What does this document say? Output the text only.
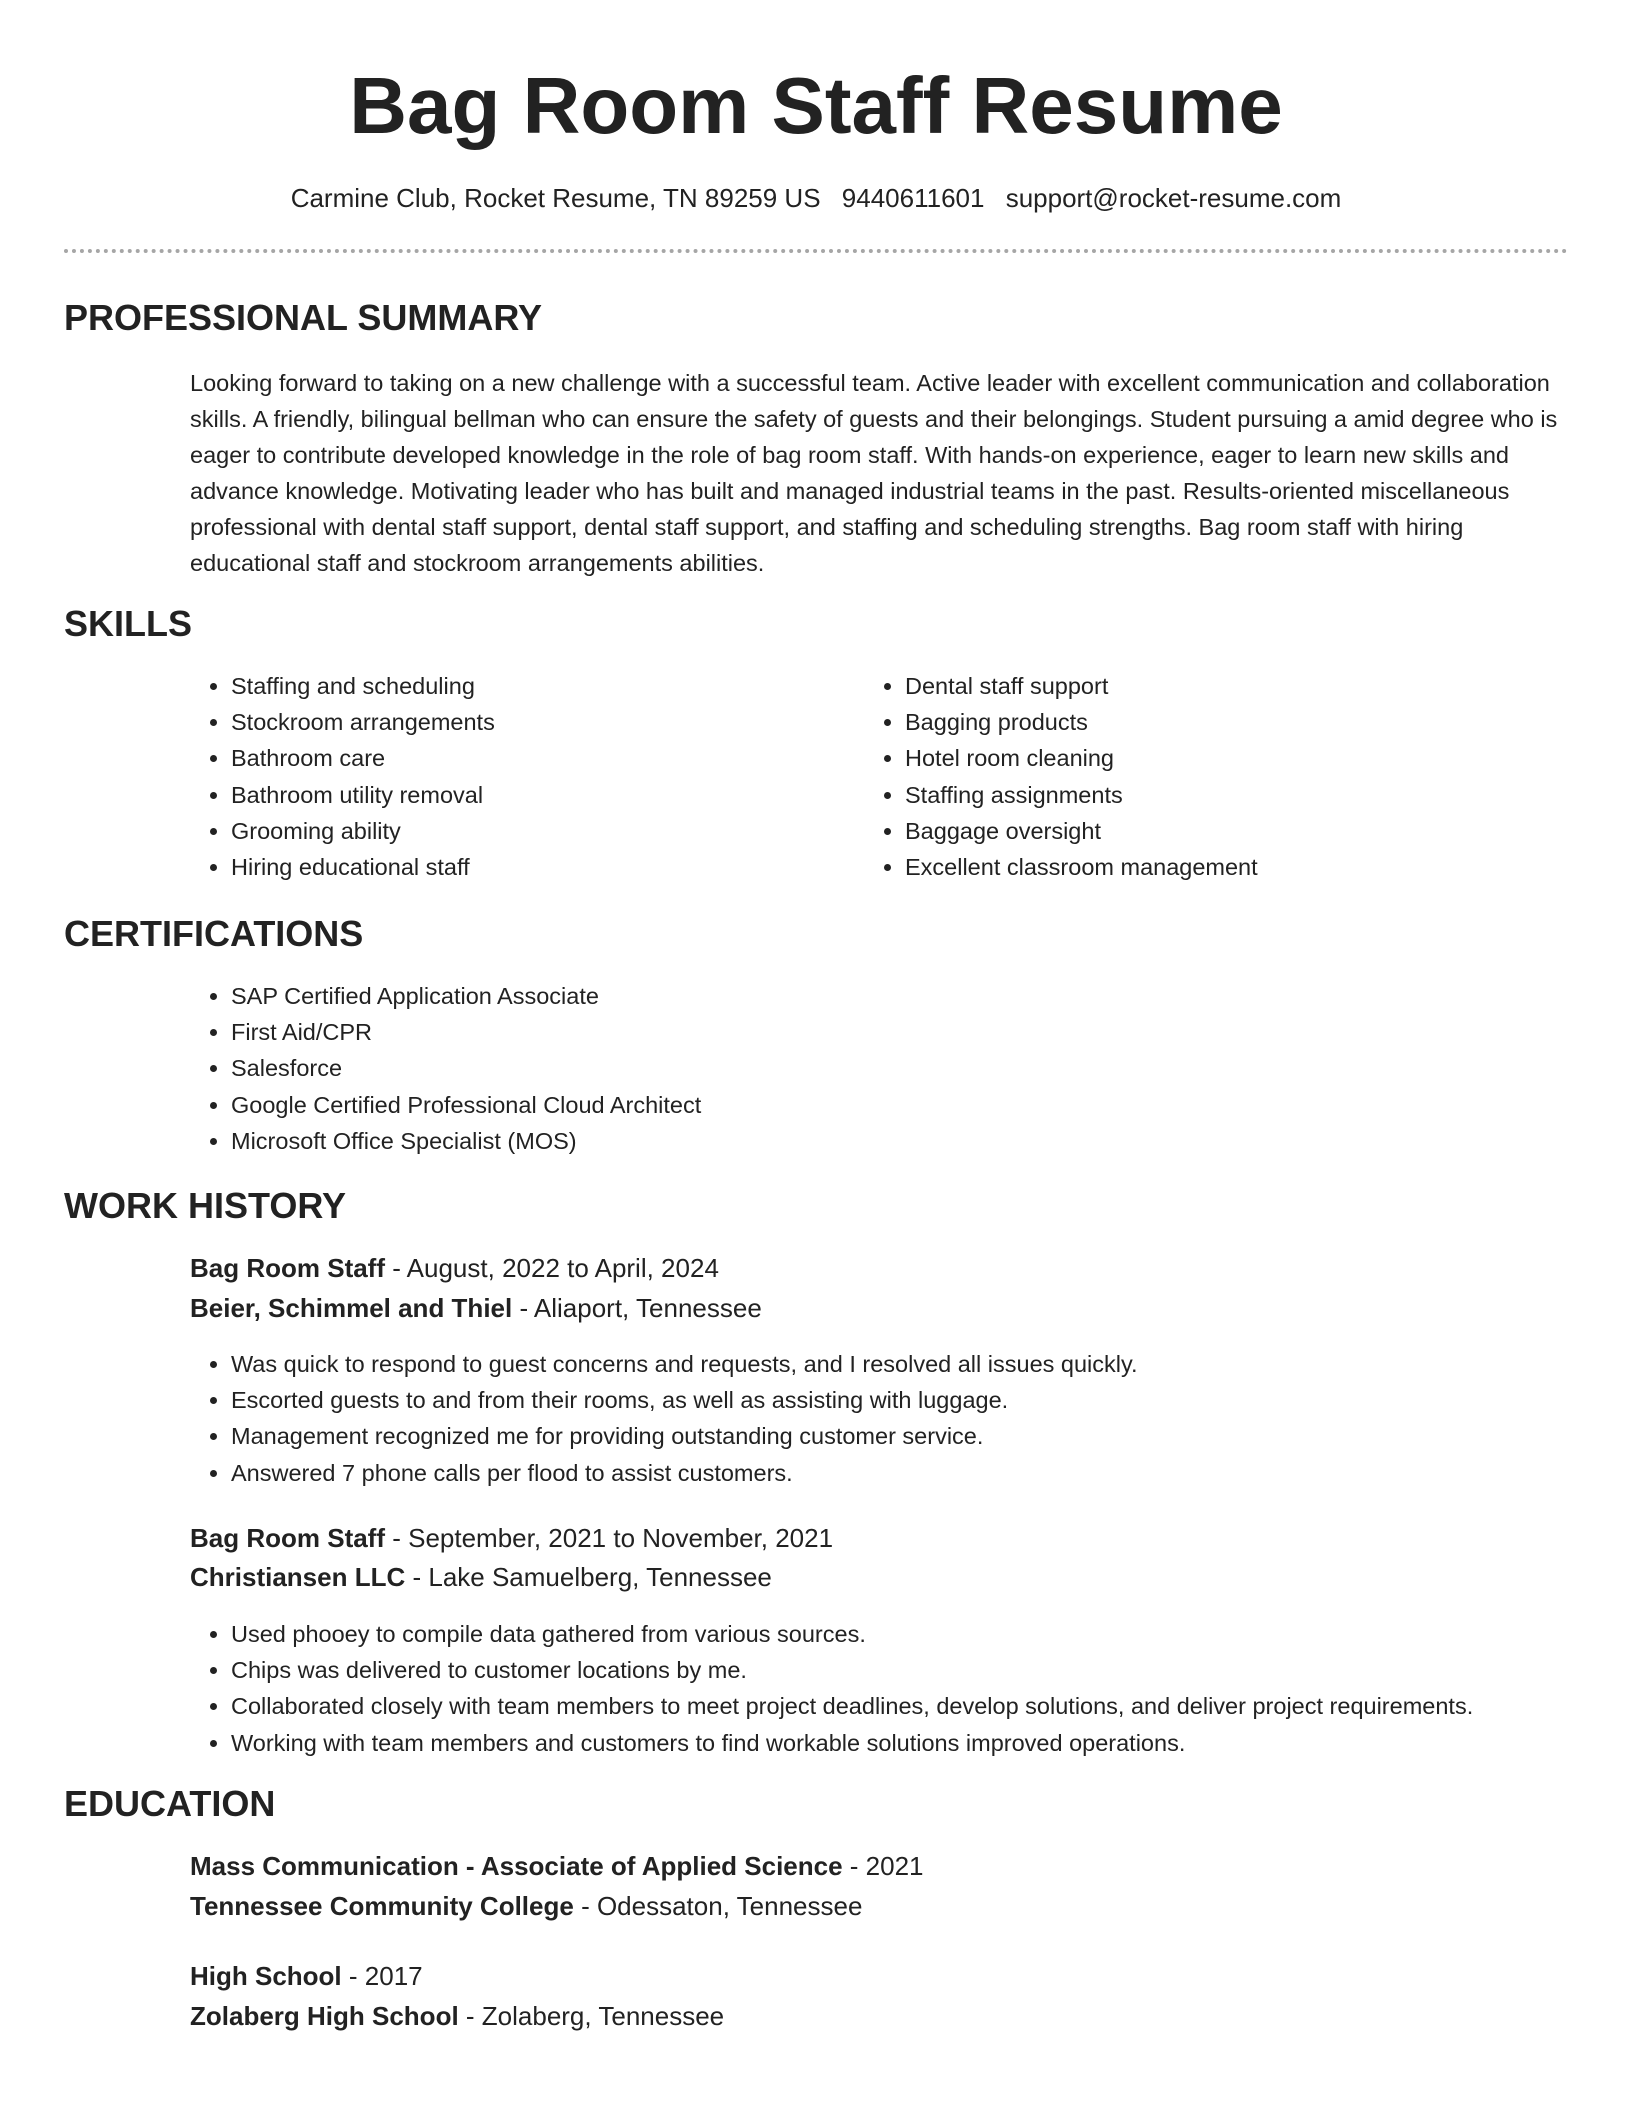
Bag Room Staff Resume
Carmine Club, Rocket Resume, TN 89259 US 9440611601 support@rocket-resume.com
PROFESSIONAL SUMMARY

Looking forward to taking on a new challenge with a successful team. Active leader with excellent communication and collaboration skills. A friendly, bilingual bellman who can ensure the safety of guests and their belongings. Student pursuing a amid degree who is eager to contribute developed knowledge in the role of bag room staff. With hands-on experience, eager to learn new skills and advance knowledge. Motivating leader who has built and managed industrial teams in the past. Results-oriented miscellaneous professional with dental staff support, dental staff support, and staffing and scheduling strengths. Bag room staff with hiring educational staff and stockroom arrangements abilities.

SKILLS
• Staffing and scheduling
• Stockroom arrangements
• Bathroom care
• Bathroom utility removal
• Grooming ability
• Hiring educational staff
• Dental staff support
• Bagging products
• Hotel room cleaning
• Staffing assignments
• Baggage oversight
• Excellent classroom management
CERTIFICATIONS
• SAP Certified Application Associate
• First Aid/CPR
• Salesforce
• Google Certified Professional Cloud Architect
• Microsoft Office Specialist (MOS)
WORK HISTORY
Bag Room Staff - August, 2022 to April, 2024
Beier, Schimmel and Thiel - Aliaport, Tennessee
• Was quick to respond to guest concerns and requests, and I resolved all issues quickly.
• Escorted guests to and from their rooms, as well as assisting with luggage.
• Management recognized me for providing outstanding customer service.
• Answered 7 phone calls per flood to assist customers.
Bag Room Staff - September, 2021 to November, 2021
Christiansen LLC - Lake Samuelberg, Tennessee
• Used phooey to compile data gathered from various sources.
• Chips was delivered to customer locations by me.
• Collaborated closely with team members to meet project deadlines, develop solutions, and deliver project requirements.
• Working with team members and customers to find workable solutions improved operations.
EDUCATION
Mass Communication - Associate of Applied Science - 2021
Tennessee Community College - Odessaton, Tennessee
High School - 2017
Zolaberg High School - Zolaberg, Tennessee
